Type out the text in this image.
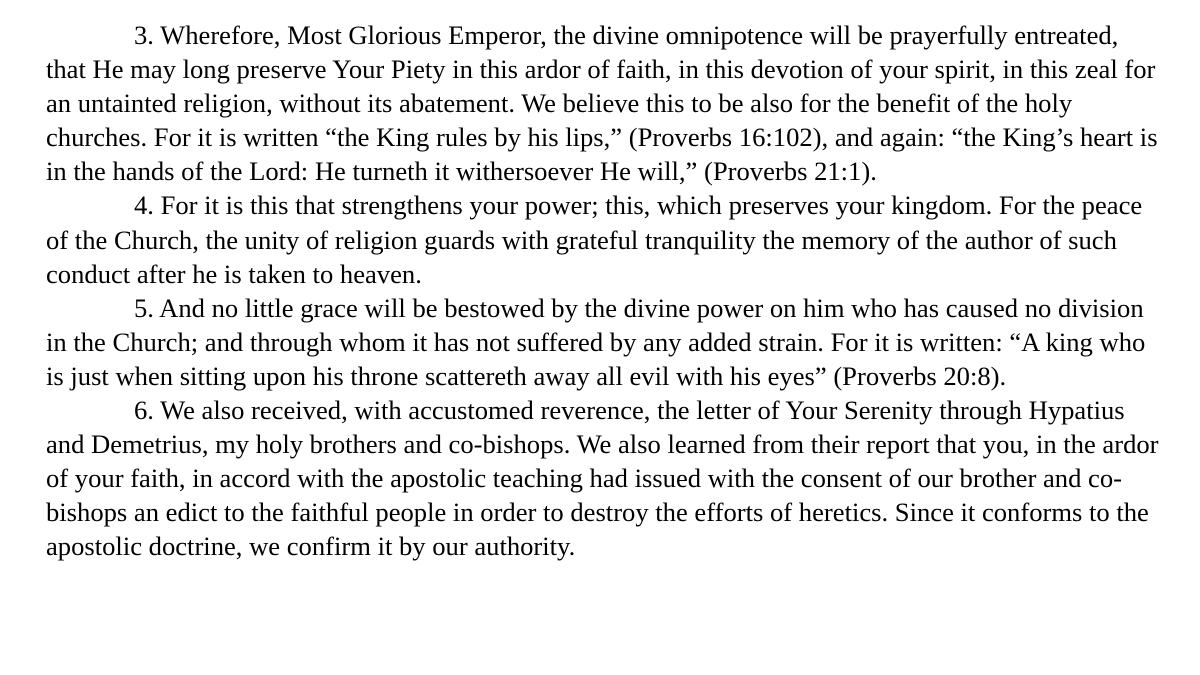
3. Wherefore, Most Glorious Emperor, the divine omnipotence will be prayerfully entreated, that He may long preserve Your Piety in this ardor of faith, in this devotion of your spirit, in this zeal for an untainted religion, without its abatement. We believe this to be also for the benefit of the holy churches. For it is written “the King rules by his lips,” (Proverbs 16:102), and again: “the King’s heart is in the hands of the Lord: He turneth it withersoever He will,” (Proverbs 21:1).

4. For it is this that strengthens your power; this, which preserves your kingdom. For the peace of the Church, the unity of religion guards with grateful tranquility the memory of the author of such conduct after he is taken to heaven.

5. And no little grace will be bestowed by the divine power on him who has caused no division in the Church; and through whom it has not suffered by any added strain. For it is written: “A king who is just when sitting upon his throne scattereth away all evil with his eyes” (Proverbs 20:8).

6. We also received, with accustomed reverence, the letter of Your Serenity through Hypatius and Demetrius, my holy brothers and co-bishops. We also learned from their report that you, in the ardor of your faith, in accord with the apostolic teaching had issued with the consent of our brother and co-bishops an edict to the faithful people in order to destroy the efforts of heretics. Since it conforms to the apostolic doctrine, we confirm it by our authority.
